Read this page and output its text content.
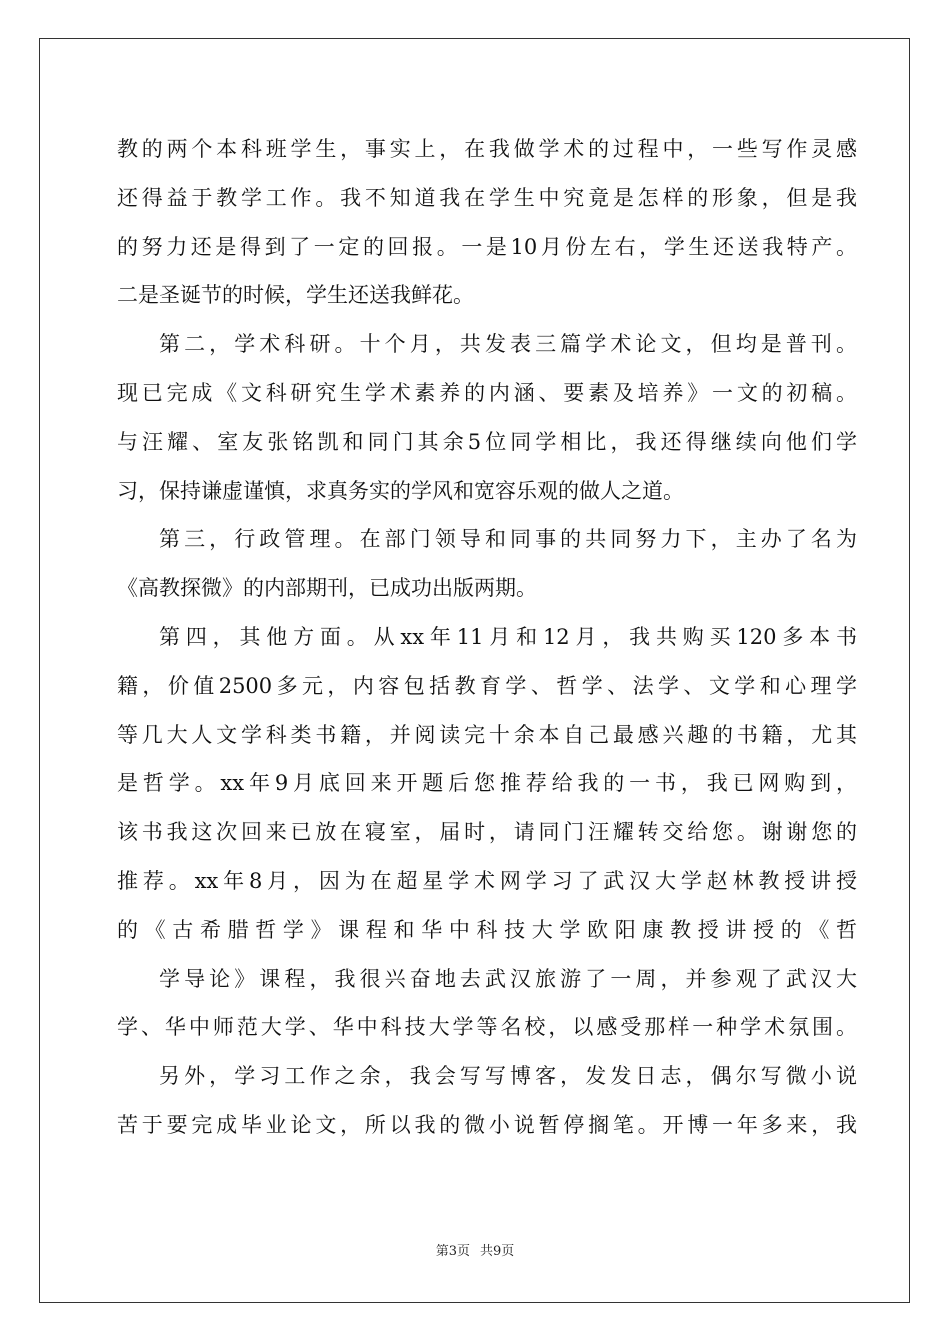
教的两个本科班学生，事实上，在我做学术的过程中，一些写作灵感
还得益于教学工作。我不知道我在学生中究竟是怎样的形象，但是我
的努力还是得到了一定的回报。一是10月份左右，学生还送我特产。
二是圣诞节的时候，学生还送我鲜花。
第二，学术科研。十个月，共发表三篇学术论文，但均是普刊。
现已完成《文科研究生学术素养的内涵、要素及培养》一文的初稿。
与汪耀、室友张铭凯和同门其余5位同学相比，我还得继续向他们学
习，保持谦虚谨慎，求真务实的学风和宽容乐观的做人之道。
第三，行政管理。在部门领导和同事的共同努力下，主办了名为
《高教探微》的内部期刊，已成功出版两期。
第四，其他方面。从xx年11月和12月，我共购买120多本书
籍，价值2500多元，内容包括教育学、哲学、法学、文学和心理学
等几大人文学科类书籍，并阅读完十余本自己最感兴趣的书籍，尤其
是哲学。xx年9月底回来开题后您推荐给我的一书，我已网购到，
该书我这次回来已放在寝室，届时，请同门汪耀转交给您。谢谢您的
推荐。xx年8月，因为在超星学术网学习了武汉大学赵林教授讲授
的《古希腊哲学》课程和华中科技大学欧阳康教授讲授的《哲
学导论》课程，我很兴奋地去武汉旅游了一周，并参观了武汉大
学、华中师范大学、华中科技大学等名校，以感受那样一种学术氛围。
另外，学习工作之余，我会写写博客，发发日志，偶尔写微小说
苦于要完成毕业论文，所以我的微小说暂停搁笔。开博一年多来，我
第3页 共9页
